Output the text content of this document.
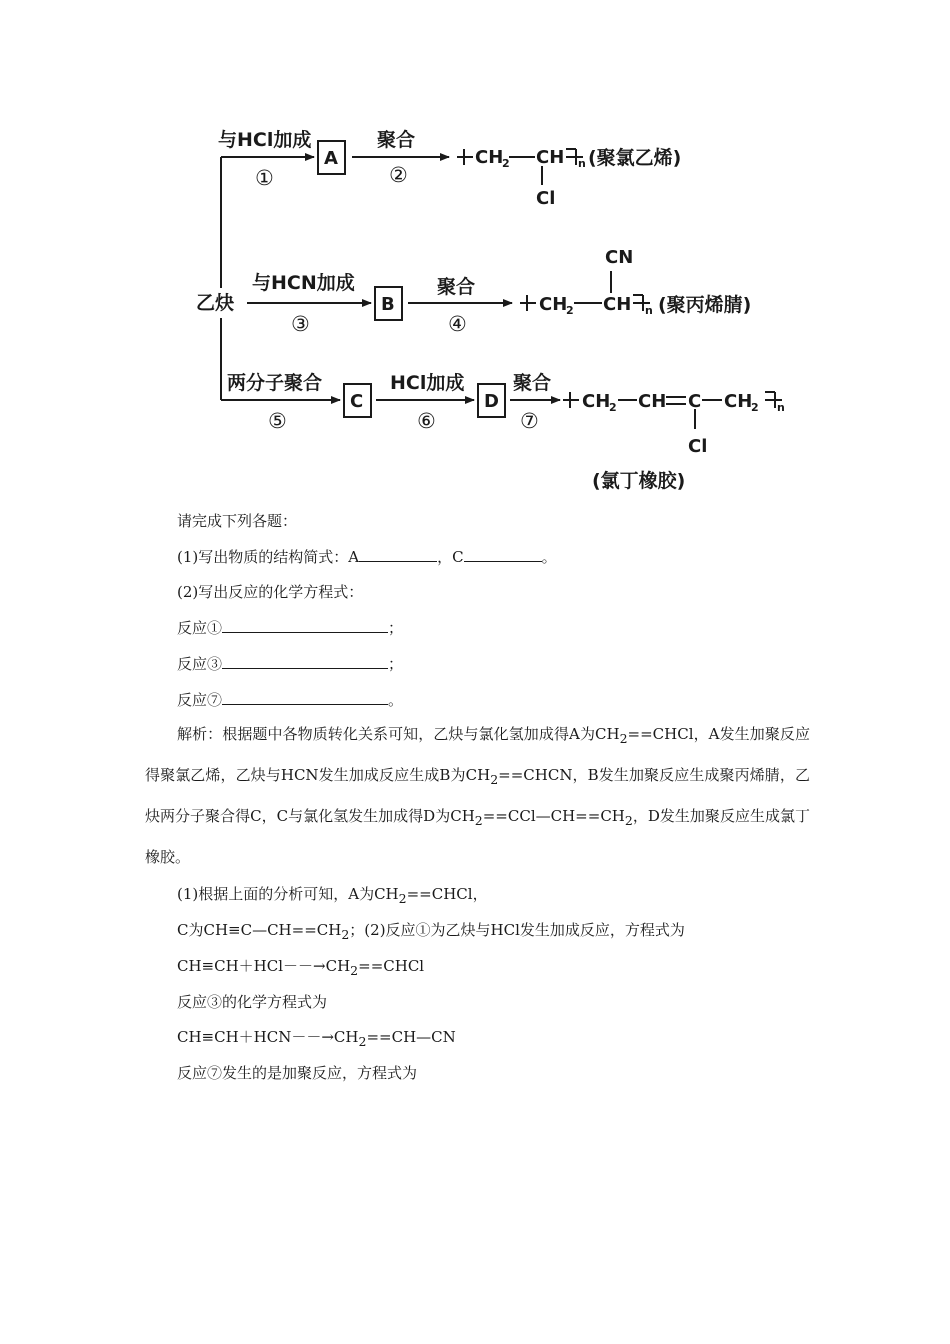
乙炔
A
B
C	D
与HCl加成
①
聚合
②
CH
2 CH n
Cl
(聚氯乙烯)
与HCN加成
③
聚合
④
CH
2 CH n
CN
(聚丙烯腈)
两分子聚合
⑤
HCl加成
⑥
聚合
⑦
CH
2 CH C CH
2 n
Cl
(氯丁橡胶)
请完成下列各题：
(1)写出物质的结构简式：A	，C	。
(2)写出反应的化学方程式：
反应①	；
反应③	；
反应⑦	。
解析：根据题中各物质转化关系可知，乙炔与氯化氢加成得A为$CH_2==CHCl$，A发生加聚反应得聚氯乙烯，乙炔与HCN发生加成反应生成B为$CH_2==CHCN$，B发生加聚反应生成聚丙烯腈，乙炔两分子聚合得C，C与氯化氢发生加成得D为$CH_2==CCl—CH==CH_2$，D发生加聚反应生成氯丁橡胶。
(1)根据上面的分析可知，A为$CH_2==CHCl$，
C为$CH\equiv C—CH==CH_2$；(2)反应①为乙炔与HCl发生加成反应，方程式为
$CH\equiv CH+HCl--\to CH_2==CHCl$
反应③的化学方程式为
$CH\equiv CH+HCN--\to CH_2==CH—CN$
反应⑦发生的是加聚反应，方程式为
